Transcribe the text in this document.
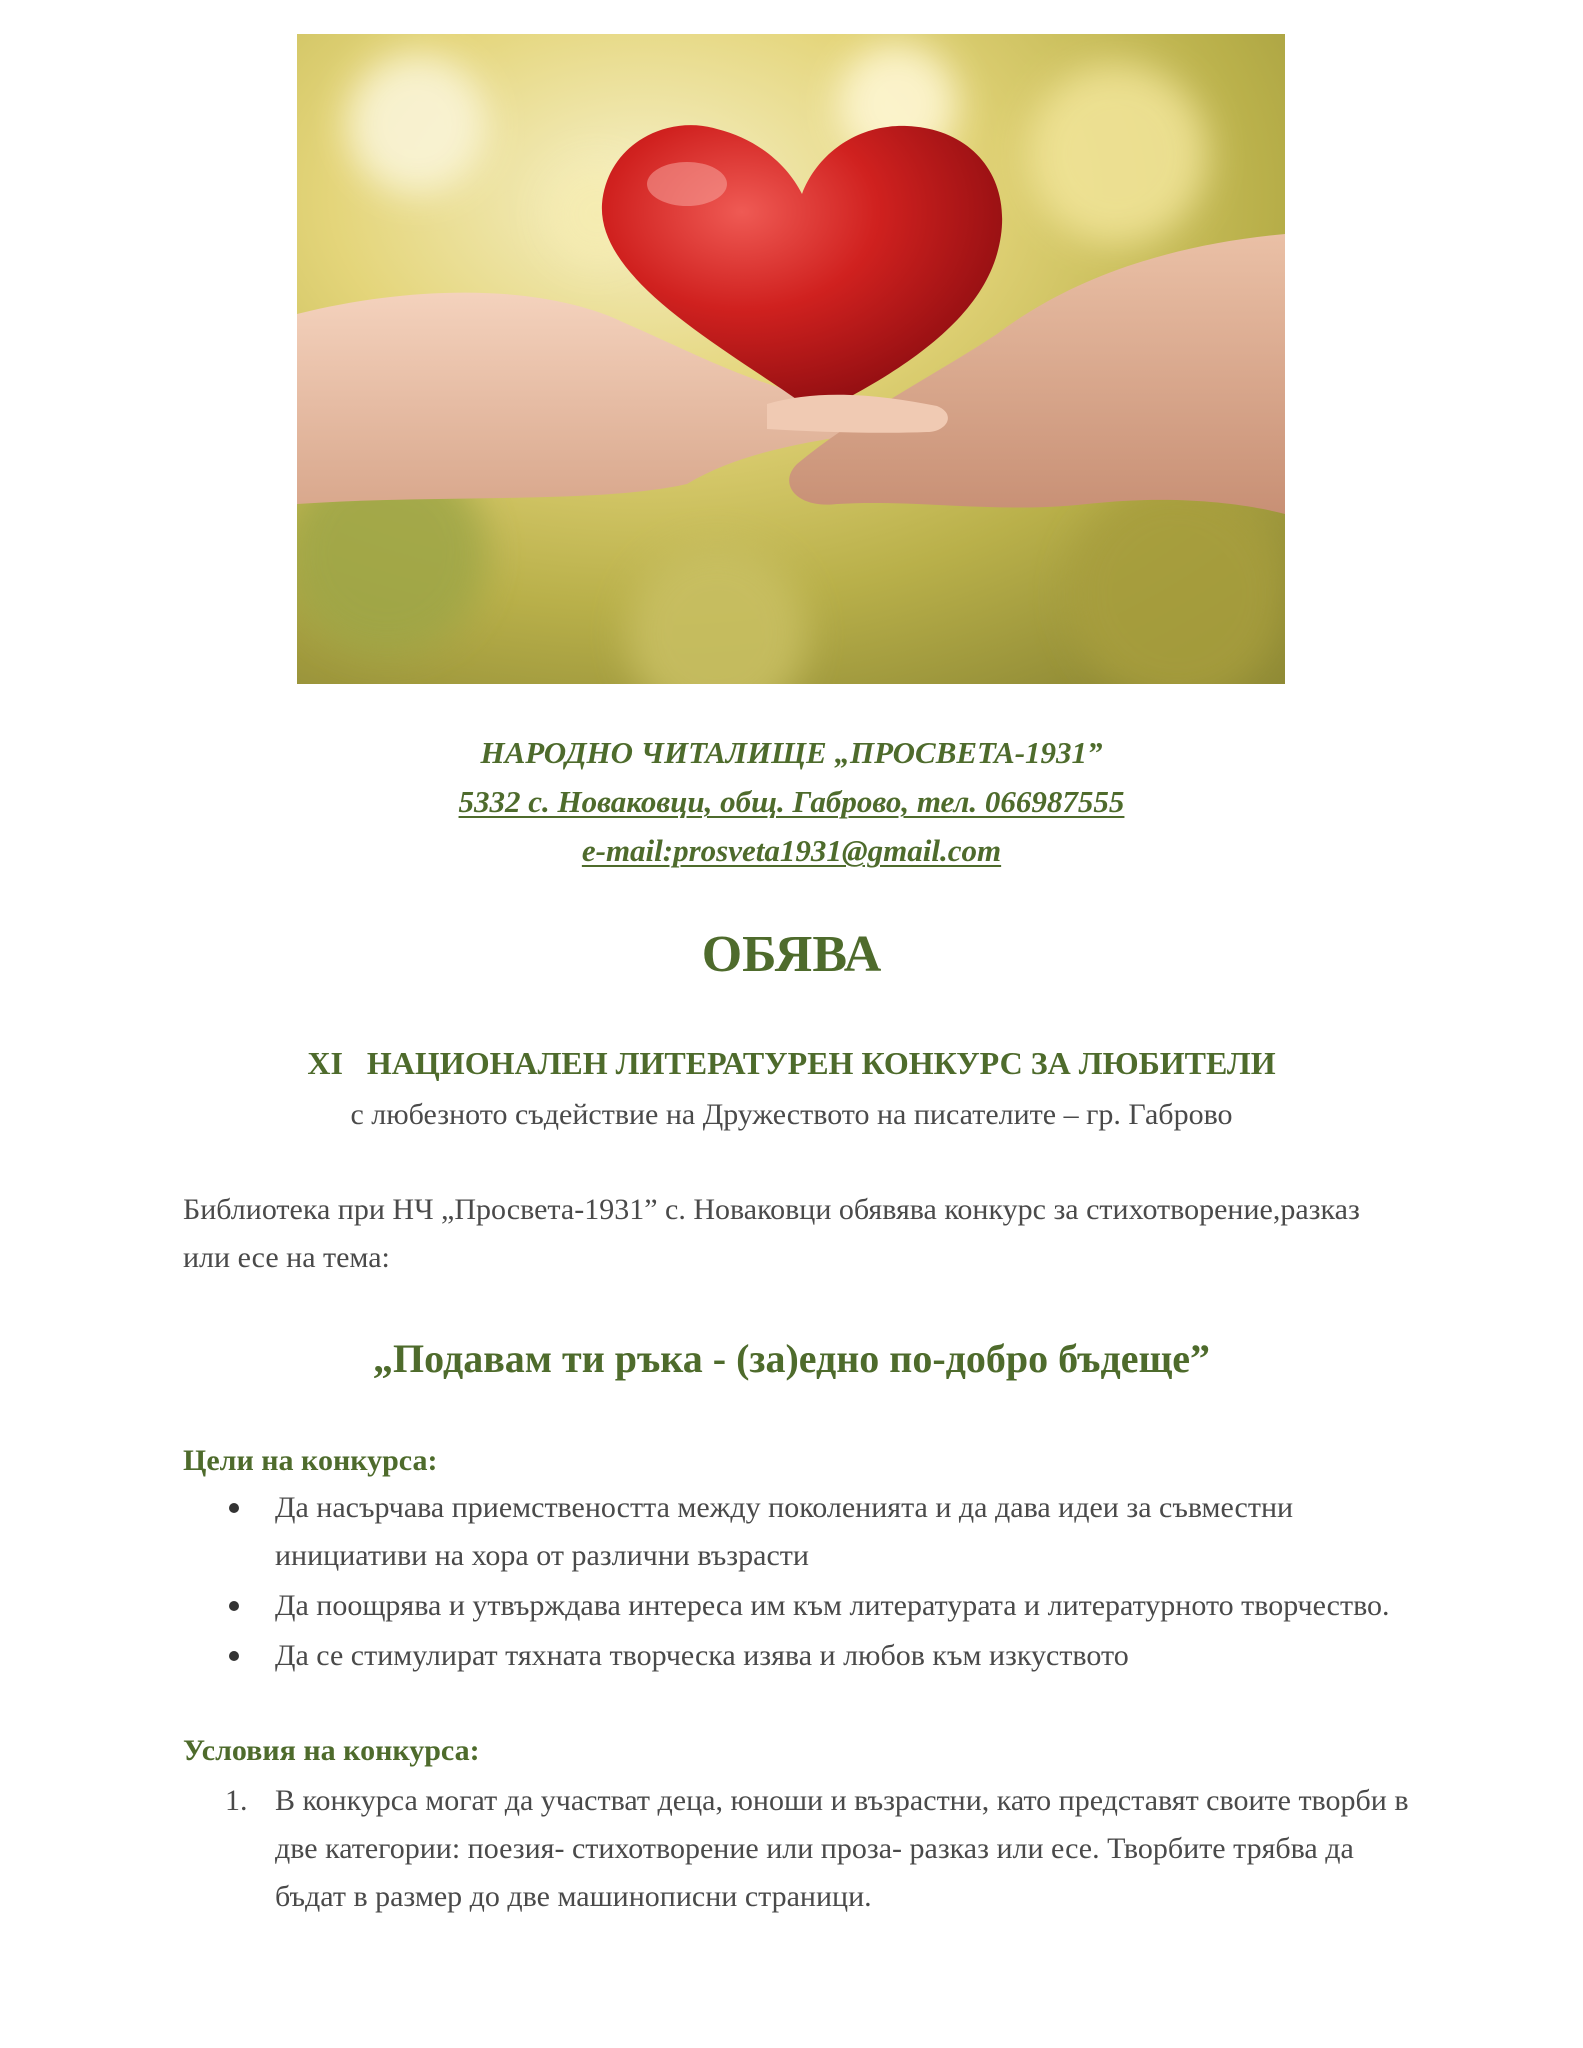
НАРОДНО ЧИТАЛИЩЕ „ПРОСВЕТА-1931”
5332 с. Новаковци, общ. Габрово, тел. 066987555
e-mail:prosveta1931@gmail.com
ОБЯВА
XI   НАЦИОНАЛЕН ЛИТЕРАТУРЕН КОНКУРС ЗА ЛЮБИТЕЛИ
с любезното съдействие на Дружеството на писателите – гр. Габрово
Библиотека при НЧ „Просвета-1931” с. Новаковци обявява конкурс за стихотворение,разказ или есе на тема:
„Подавам ти ръка - (за)едно по-добро бъдеще”
Цели на конкурса:
Да насърчава приемствеността между поколенията и да дава идеи за съвместни инициативи на хора от различни възрасти
Да поощрява и утвърждава интереса им към литературата и литературното творчество.
Да се стимулират тяхната творческа изява и любов към изкуството
Условия на конкурса:
1. В конкурса могат да участват деца, юноши и възрастни, като представят своите творби в две категории: поезия- стихотворение или проза- разказ или есе. Творбите трябва да бъдат в размер до две машинописни страници.
